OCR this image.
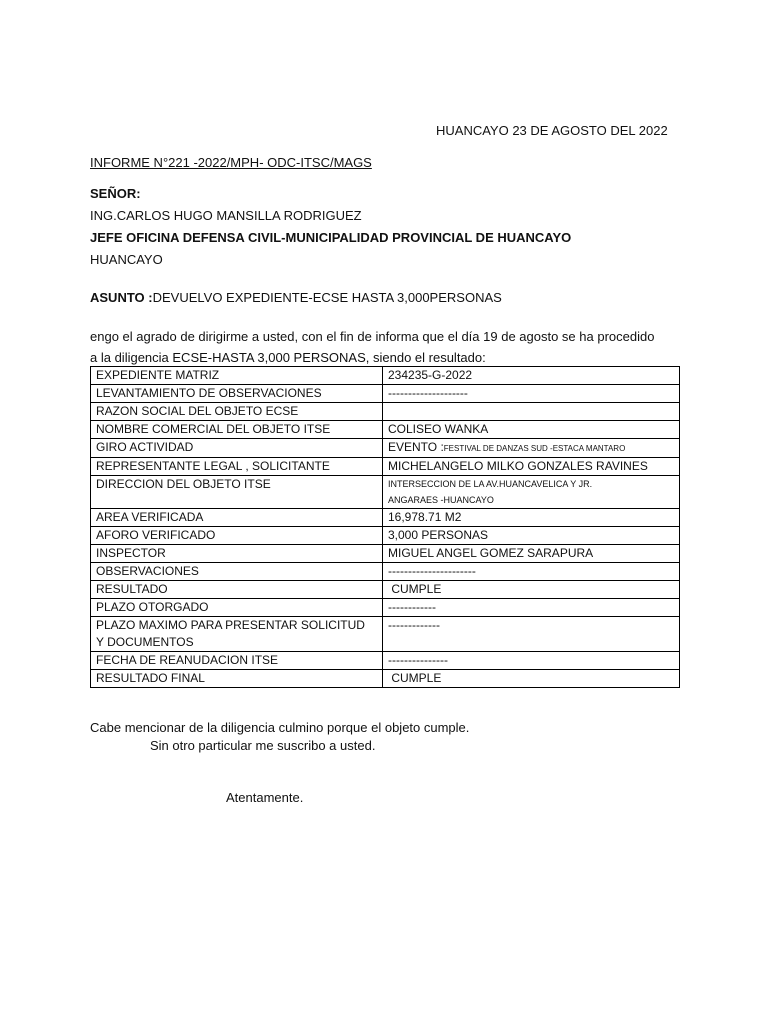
HUANCAYO 23 DE AGOSTO DEL 2022
INFORME N°221 -2022/MPH- ODC-ITSC/MAGS
SEÑOR:
ING.CARLOS HUGO MANSILLA RODRIGUEZ
JEFE OFICINA DEFENSA CIVIL-MUNICIPALIDAD PROVINCIAL DE HUANCAYO
HUANCAYO
ASUNTO :DEVUELVO EXPEDIENTE-ECSE HASTA 3,000PERSONAS
engo el agrado de dirigirme a usted, con el fin de informa que el día 19 de agosto se ha procedido
a la diligencia ECSE-HASTA 3,000 PERSONAS, siendo el resultado:
EXPEDIENTE MATRIZ	234235-G-2022
LEVANTAMIENTO DE OBSERVACIONES	--------------------
RAZON SOCIAL DEL OBJETO ECSE	
NOMBRE COMERCIAL DEL OBJETO ITSE	COLISEO WANKA
GIRO ACTIVIDAD	EVENTO :FESTIVAL DE DANZAS SUD -ESTACA MANTARO
REPRESENTANTE LEGAL , SOLICITANTE	MICHELANGELO MILKO GONZALES RAVINES
DIRECCION DEL OBJETO ITSE	INTERSECCION DE LA AV.HUANCAVELICA Y JR.
ANGARAES -HUANCAYO

AREA VERIFICADA	16,978.71 M2
AFORO VERIFICADO	3,000 PERSONAS
INSPECTOR	MIGUEL ANGEL GOMEZ SARAPURA
OBSERVACIONES	----------------------
RESULTADO	CUMPLE
PLAZO OTORGADO	------------

PLAZO MAXIMO PARA PRESENTAR SOLICITUD
Y DOCUMENTOS	-------------
FECHA DE REANUDACION ITSE	---------------
RESULTADO FINAL	CUMPLE
Cabe mencionar de la diligencia culmino porque el objeto cumple.
Sin otro particular me suscribo a usted.
Atentamente.
